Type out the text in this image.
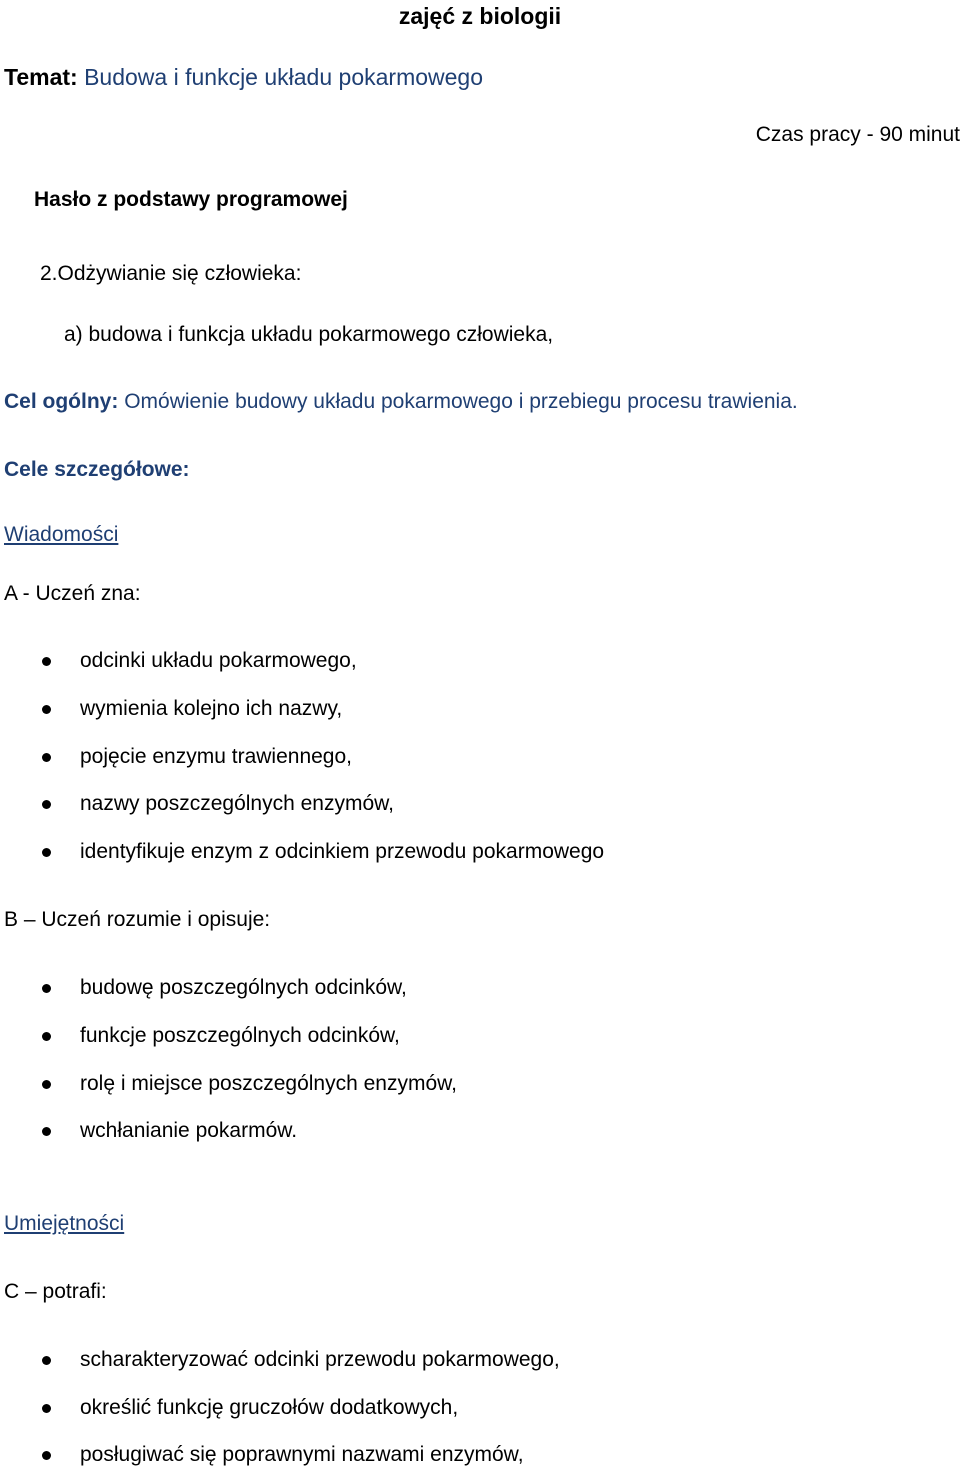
zajęć z biologii
Temat: Budowa i funkcje układu pokarmowego
Czas pracy - 90 minut
Hasło z podstawy programowej
2.Odżywianie się człowieka:
a) budowa i funkcja układu pokarmowego człowieka,
Cel ogólny: Omówienie budowy układu pokarmowego i przebiegu procesu trawienia.
Cele szczegółowe:
Wiadomości
A - Uczeń zna:
odcinki układu pokarmowego,
wymienia kolejno ich nazwy,
pojęcie enzymu trawiennego,
nazwy poszczególnych enzymów,
identyfikuje enzym z odcinkiem przewodu pokarmowego
B – Uczeń rozumie i opisuje:
budowę poszczególnych odcinków,
funkcje poszczególnych odcinków,
rolę i miejsce poszczególnych enzymów,
wchłanianie pokarmów.
Umiejętności
C – potrafi:
scharakteryzować odcinki przewodu pokarmowego,
określić funkcję gruczołów dodatkowych,
posługiwać się poprawnymi nazwami enzymów,
